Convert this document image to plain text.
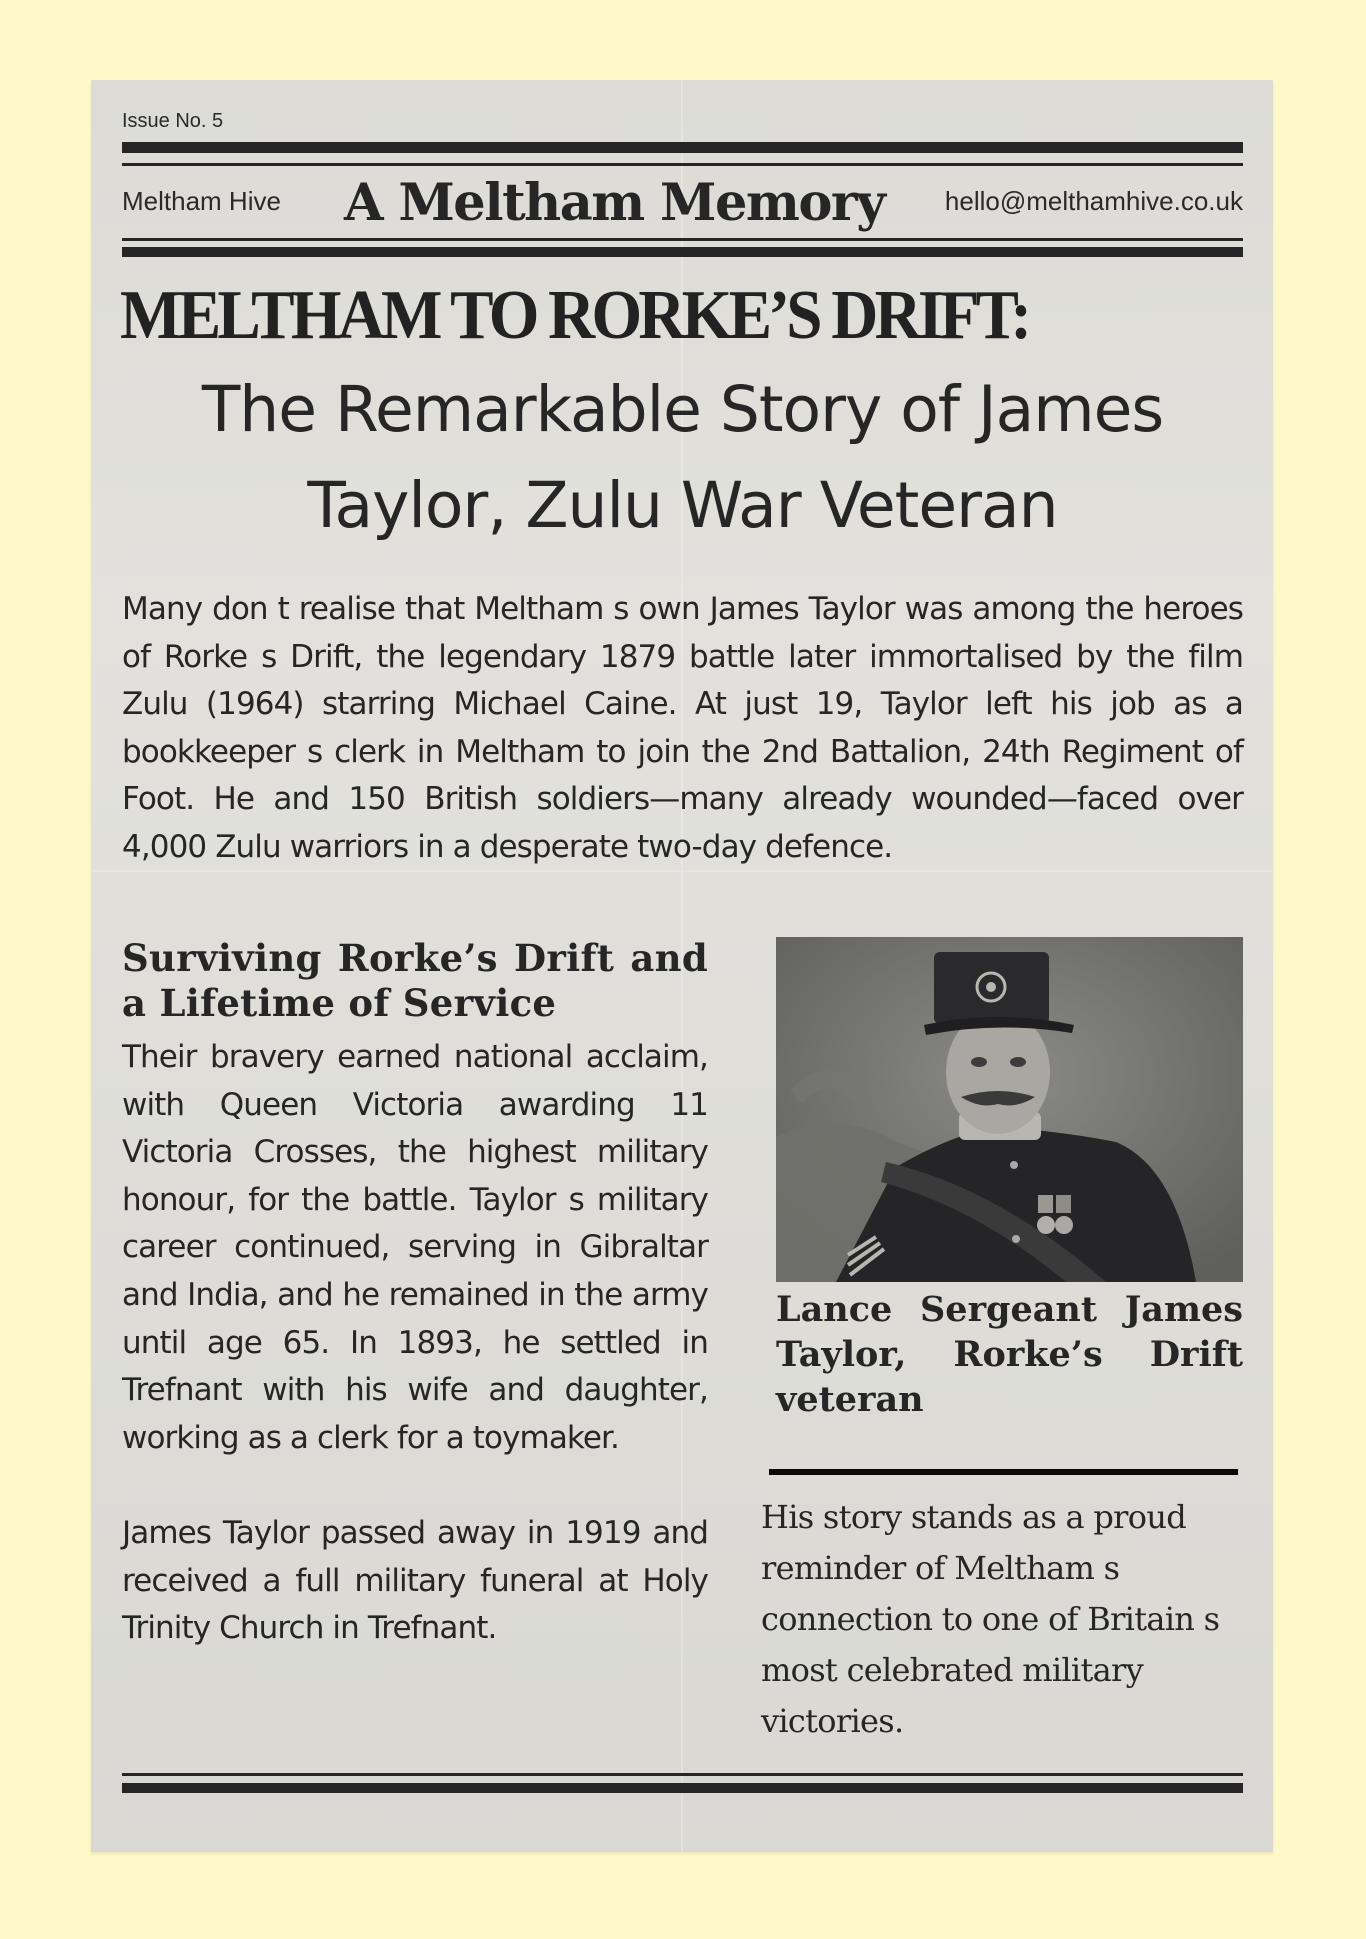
Issue No. 5
Meltham Hive A Meltham Memory hello@melthamhive.co.uk
MELTHAM TO RORKE’S DRIFT:
The Remarkable Story of James
Taylor, Zulu War Veteran
Many don t realise that Meltham s own James Taylor was among the heroes of Rorke s Drift, the legendary 1879 battle later immortalised by the film Zulu (1964) starring Michael Caine. At just 19, Taylor left his job as a bookkeeper s clerk in Meltham to join the 2nd Battalion, 24th Regiment of Foot. He and 150 British soldiers—many already wounded—faced over 4,000 Zulu warriors in a desperate two-day defence.
Surviving Rorke’s Drift and a Lifetime of Service

Their bravery earned national acclaim, with Queen Victoria awarding 11 Victoria Crosses, the highest military honour, for the battle. Taylor s military career continued, serving in Gibraltar and India, and he remained in the army until age 65. In 1893, he settled in Trefnant with his wife and daughter, working as a clerk for a toymaker.

James Taylor passed away in 1919 and received a full military funeral at Holy Trinity Church in Trefnant.

Lance Sergeant James Taylor, Rorke’s Drift veteran
His story stands as a proud reminder of Meltham s connection to one of Britain s most celebrated military victories.
